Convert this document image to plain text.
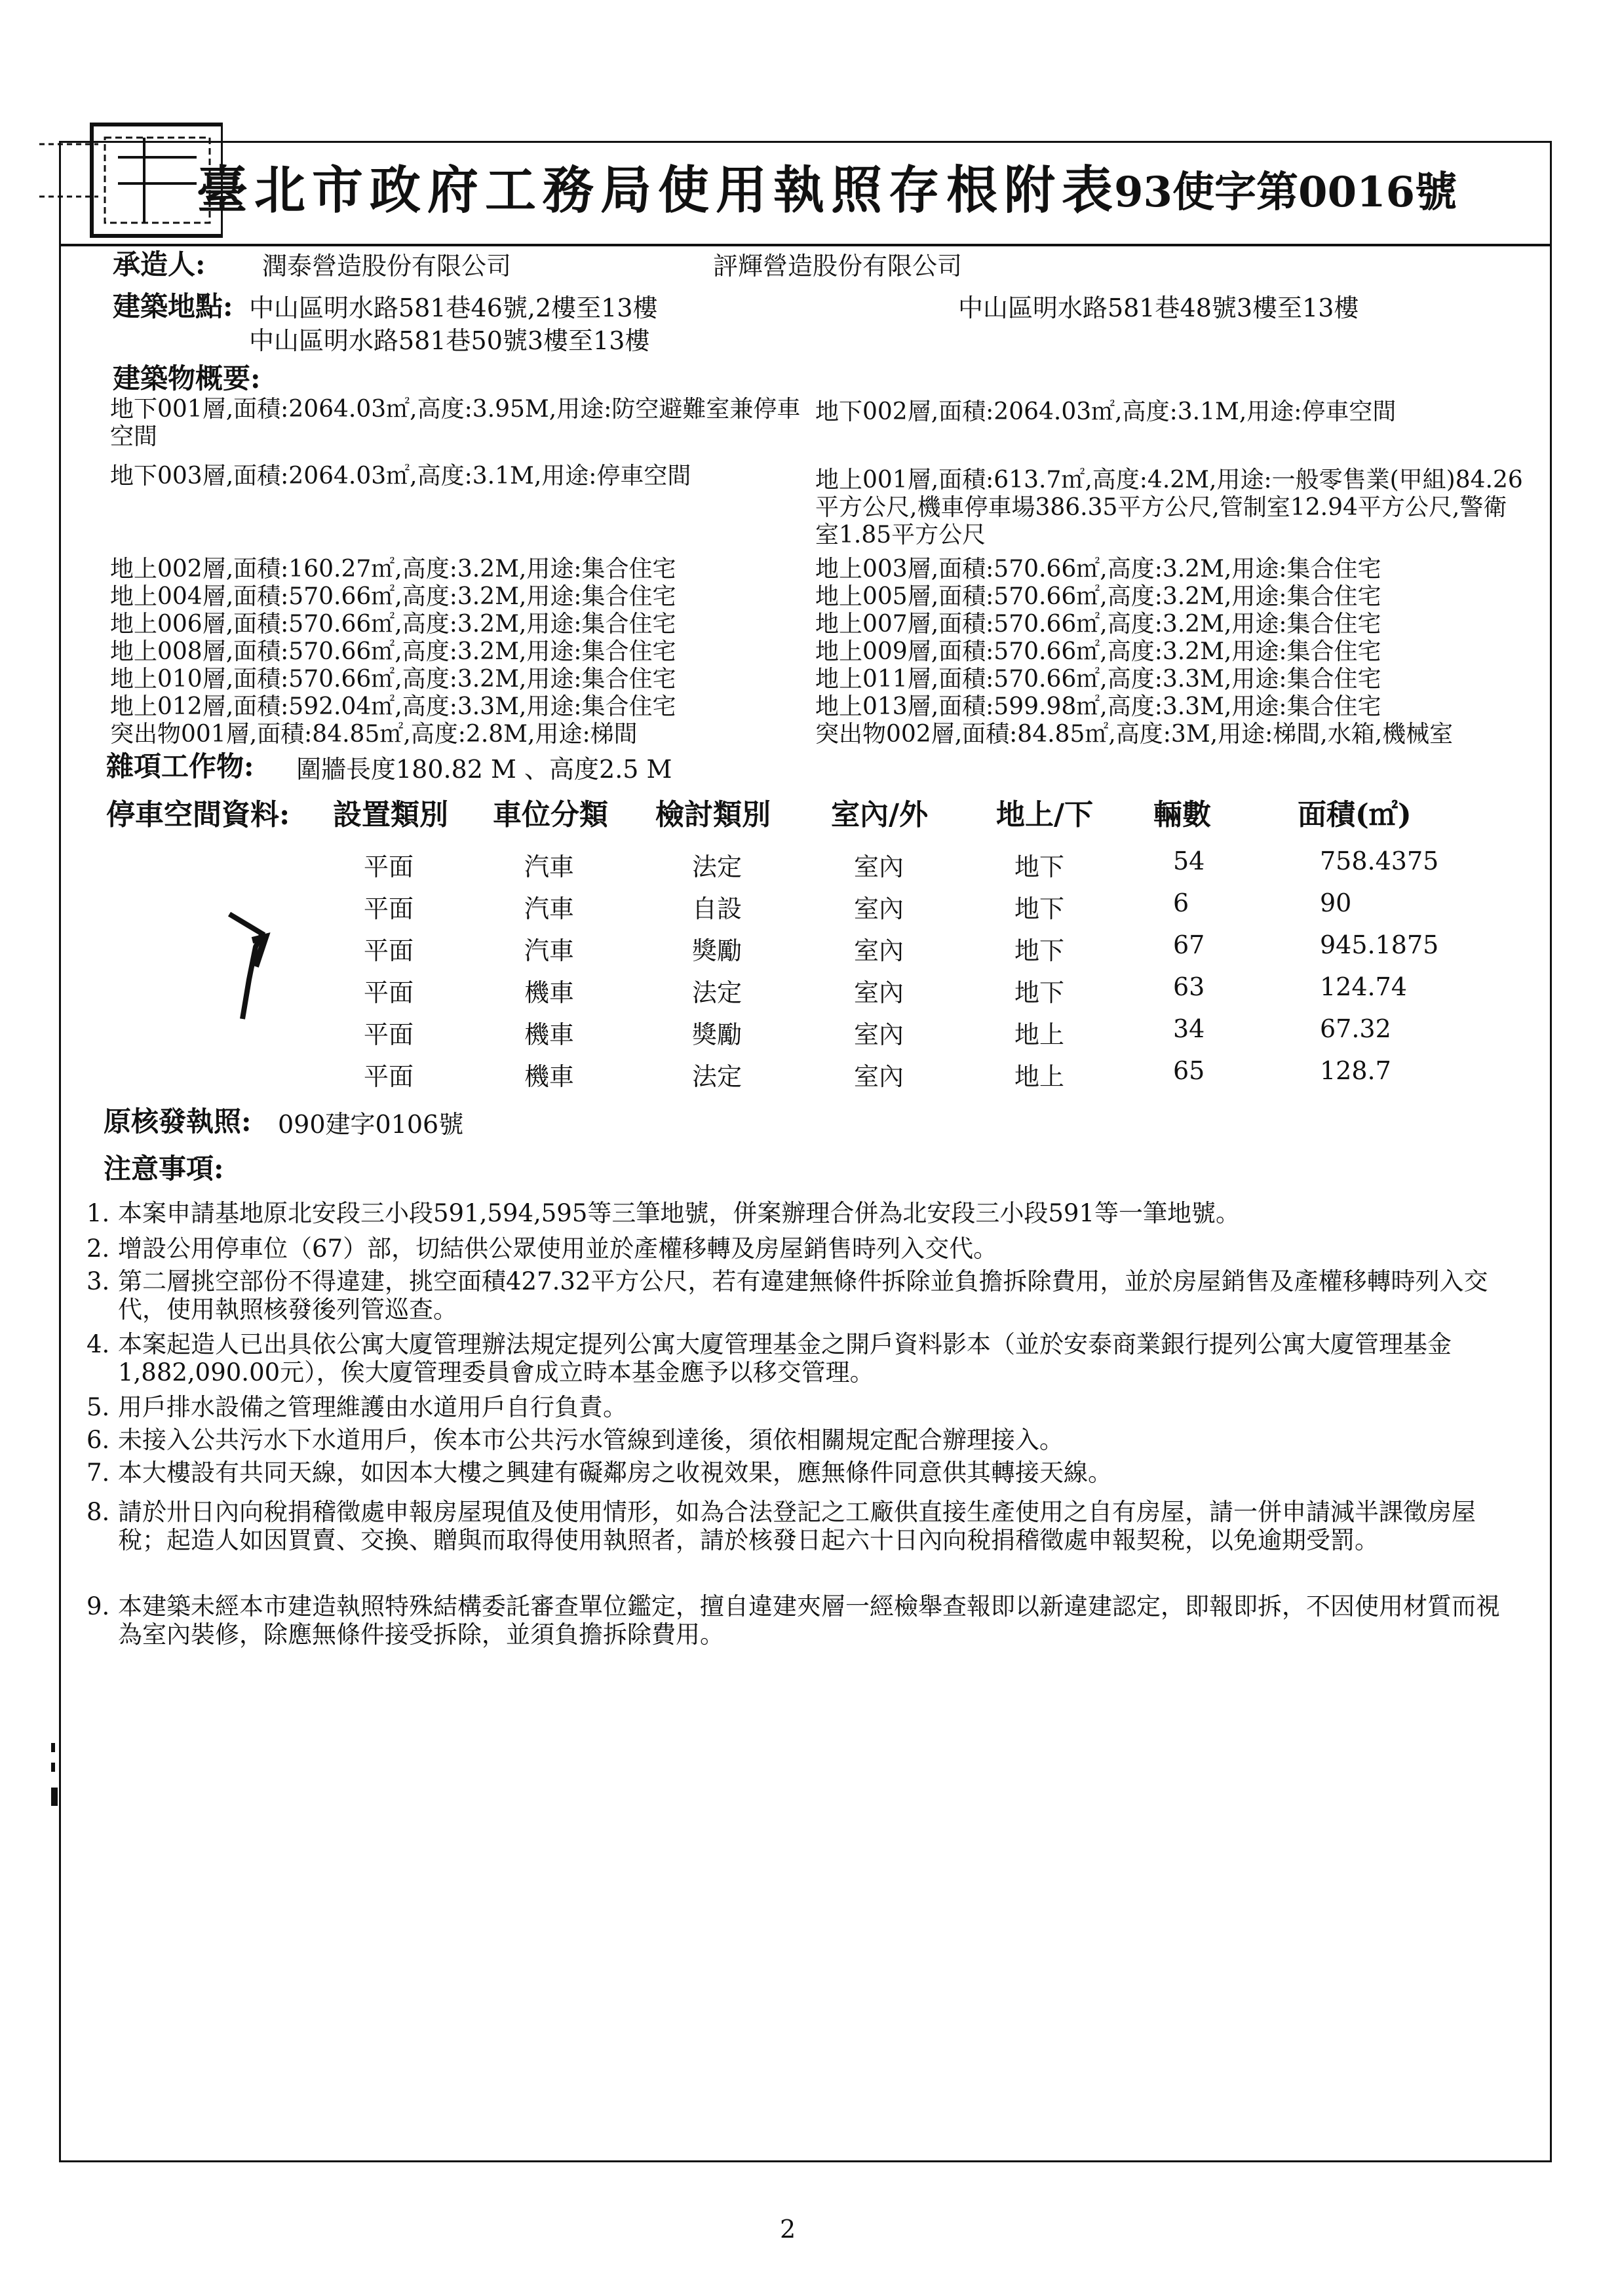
臺北市政府工務局使用執照存根附表
93使字第0016號
承造人: 潤泰營造股份有限公司	評輝營造股份有限公司
建築地點: 中山區明水路581巷46號,2樓至13樓	中山區明水路581巷48號3樓至13樓
中山區明水路581巷50號3樓至13樓
建築物概要:
地下001層,面積:2064.03㎡,高度:3.95M,用途:防空避難室兼停車空間
地下003層,面積:2064.03㎡,高度:3.1M,用途:停車空間
地上002層,面積:160.27㎡,高度:3.2M,用途:集合住宅
地上004層,面積:570.66㎡,高度:3.2M,用途:集合住宅
地上006層,面積:570.66㎡,高度:3.2M,用途:集合住宅
地上008層,面積:570.66㎡,高度:3.2M,用途:集合住宅
地上010層,面積:570.66㎡,高度:3.2M,用途:集合住宅
地上012層,面積:592.04㎡,高度:3.3M,用途:集合住宅
突出物001層,面積:84.85㎡,高度:2.8M,用途:梯間
地下002層,面積:2064.03㎡,高度:3.1M,用途:停車空間
地上001層,面積:613.7㎡,高度:4.2M,用途:一般零售業(甲組)84.26平方公尺,機車停車場386.35平方公尺,管制室12.94平方公尺,警衛室1.85平方公尺
地上003層,面積:570.66㎡,高度:3.2M,用途:集合住宅
地上005層,面積:570.66㎡,高度:3.2M,用途:集合住宅
地上007層,面積:570.66㎡,高度:3.2M,用途:集合住宅
地上009層,面積:570.66㎡,高度:3.2M,用途:集合住宅
地上011層,面積:570.66㎡,高度:3.3M,用途:集合住宅
地上013層,面積:599.98㎡,高度:3.3M,用途:集合住宅
突出物002層,面積:84.85㎡,高度:3M,用途:梯間,水箱,機械室
雜項工作物: 圍牆長度180.82 M 、高度2.5 M
停車空間資料: 設置類別 車位分類 檢討類別 室內/外 地上/下 輛數	面積(㎡)
平面	汽車	法定	室內	地下	54	758.4375
平面	汽車	自設	室內	地下	6	90
平面	汽車	獎勵	室內	地下	67	945.1875
平面	機車	法定	室內	地下	63	124.74
平面	機車	獎勵	室內	地上	34	67.32
平面	機車	法定	室內	地上	65	128.7
原核發執照: 090建字0106號
注意事項:
1. 本案申請基地原北安段三小段591,594,595等三筆地號，併案辦理合併為北安段三小段591等一筆地號。
2. 增設公用停車位（67）部，切結供公眾使用並於產權移轉及房屋銷售時列入交代。
3. 第二層挑空部份不得違建，挑空面積427.32平方公尺，若有違建無條件拆除並負擔拆除費用，並於房屋銷售及產權移轉時列入交代，使用執照核發後列管巡查。
4. 本案起造人已出具依公寓大廈管理辦法規定提列公寓大廈管理基金之開戶資料影本（並於安泰商業銀行提列公寓大廈管理基金1,882,090.00元），俟大廈管理委員會成立時本基金應予以移交管理。
5. 用戶排水設備之管理維護由水道用戶自行負責。
6. 未接入公共污水下水道用戶，俟本市公共污水管線到達後，須依相關規定配合辦理接入。
7. 本大樓設有共同天線，如因本大樓之興建有礙鄰房之收視效果，應無條件同意供其轉接天線。
8. 請於卅日內向稅捐稽徵處申報房屋現值及使用情形，如為合法登記之工廠供直接生產使用之自有房屋，請一併申請減半課徵房屋稅；起造人如因買賣、交換、贈與而取得使用執照者，請於核發日起六十日內向稅捐稽徵處申報契稅，以免逾期受罰。
9. 本建築未經本市建造執照特殊結構委託審查單位鑑定，擅自違建夾層一經檢舉查報即以新違建認定，即報即拆，不因使用材質而視為室內裝修，除應無條件接受拆除，並須負擔拆除費用。
2
